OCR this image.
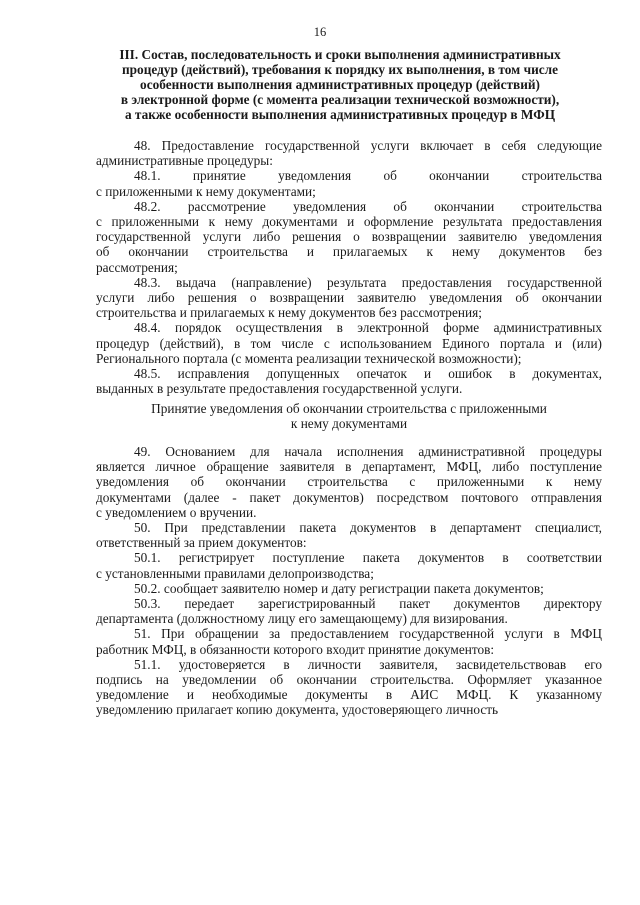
16
III. Состав, последовательность и сроки выполнения административных
процедур (действий), требования к порядку их выполнения, в том числе
особенности выполнения административных процедур (действий)
в электронной форме (с момента реализации технической возможности),
а также особенности выполнения административных процедур в МФЦ
48. Предоставление государственной услуги включает в себя следующие
административные процедуры:
48.1. принятие уведомления об окончании строительства
с приложенными к нему документами;
48.2. рассмотрение уведомления об окончании строительства
с приложенными к нему документами и оформление результата предоставления
государственной услуги либо решения о возвращении заявителю уведомления
об окончании строительства и прилагаемых к нему документов без
рассмотрения;
48.3. выдача (направление) результата предоставления государственной
услуги либо решения о возвращении заявителю уведомления об окончании
строительства и прилагаемых к нему документов без рассмотрения;
48.4. порядок осуществления в электронной форме административных
процедур (действий), в том числе с использованием Единого портала и (или)
Регионального портала (с момента реализации технической возможности);
48.5. исправления допущенных опечаток и ошибок в документах,
выданных в результате предоставления государственной услуги.
Принятие уведомления об окончании строительства с приложенными
к нему документами
49. Основанием для начала исполнения административной процедуры
является личное обращение заявителя в департамент, МФЦ, либо поступление
уведомления об окончании строительства с приложенными к нему
документами (далее - пакет документов) посредством почтового отправления
с уведомлением о вручении.
50. При представлении пакета документов в департамент специалист,
ответственный за прием документов:
50.1. регистрирует поступление пакета документов в соответствии
с установленными правилами делопроизводства;
50.2. сообщает заявителю номер и дату регистрации пакета документов;
50.3. передает зарегистрированный пакет документов директору
департамента (должностному лицу его замещающему) для визирования.
51. При обращении за предоставлением государственной услуги в МФЦ
работник МФЦ, в обязанности которого входит принятие документов:
51.1. удостоверяется в личности заявителя, засвидетельствовав его
подпись на уведомлении об окончании строительства. Оформляет указанное
уведомление и необходимые документы в АИС МФЦ. К указанному
уведомлению прилагает копию документа, удостоверяющего личность
